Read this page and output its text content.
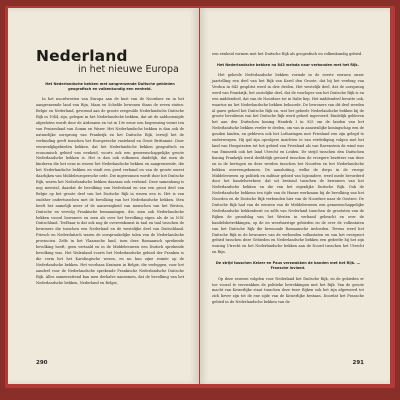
Nederland
in het nieuwe Europa
Het Nederlandsche bekken met aangrenzende Duitsche gebieden geografisch en volkenkundig een eenheid.
In het noordwesten van Europa aan de kust van de Noordzee en in het aangrenzende land van Rijn, Maas en Schelde bewonen thans de zeven staten: Belgie en Nederland, gevormd aan de groote zeegeulde Nederlandsche Duitsche Rijk in 1944, zijn, gelegen in het Nederlandsche bekken, dat uit de aaldoorsnijde afgesloten wordt door de Ardennen en tot in 19e eeuw een begrenzing vormt ten van Pruisenland van Somm en Wezer. Het Nederlandsche bekken is dan ook de natuurlijke oorsprong van Frankrijk en het Duitsche Rijk, terwijl het de verbinding geeft tusschen het Europeesche vasteland en Groot Brittannie. Door eeuwenlijkgebieden bekken, dat het Nederlandsche bekken geografisch en economisch gebied van eenheid, voorts ook een gemeenschappelijke groote Nederlandsche bekken is. Het is dan ook volkomen duidelijk, dat men de kinderen die het eens in wezen het Nederlandsche bekken en aangrenzende, die het Nederlandsche bekken en vindt een goed verband en van de groote meest daarlijken van Middeleuropeesche orde. Die ingewonnen wordt door het Duitsche Rijk, waren het Nederlandsche bekken daaraan ook verbond. Deze samenhang is nog meestal, daardat de bevolking van Nederland en van een groot deel van Belgie op het groote deel van het Duitsche Rijk in wezen een is. Het is van oudsher ondertusschen met de bevolking van het Nederlandsche bekken. Men heeft het namelijk meer of de aanwezigheid van menschen van het Westen, Duitsche en vervolg Frankische bemanningen, die, men ook Nederlandsche bekken vooral bewoners en men als over het bevolking eigen als de in N.W. Duitschland. Trefbaar is dat ook nog de overeenkomst in taal en taal tusschen de bewoners die tusschen een Nederland en de westelijke deel van Duitschland. Friesch en Nederduitsch waren de oorspronkelijke talen van de Nederlandsche provincien. Zelfs in het Vlaamsche land, toen deze Romaansch sprekende bevolking heeft, geen vertaald en in de Middeleeuwen een Duitsch sprekende bevolking was. Het Walenland voorts het Nederlandsche gebied der Franken is die vorm het het Karolingische wezen, en nu hun zijne ruimte op de Nederlandsche bekken. Het voorbaas Kraimen in Belgie, die verleggen, voor het aandeel voor de Nederlandsche sprekende Frankische Nederlandsche Duitsche Rijk. Alles samenvattend kan men derhalve aannemen, dat de bevolking van het Nederlandsche bekken, Nederland en Belgie,
290
een eenheid vormen met het Duitsche Rijk als geografisch en volkenkundig gebied.
Het Nederlandsche bekken na 843 welsda naar verbonden met het Rijk.
Het geheele Nederlandsche bekken vormde in de eerste eeuwen onzer jaartelling een deel van het Rijk van Karel den Groote, dat bij het verdrag van Verdun in 843 gesplitst werd in drie deelen. Het westelijk deel, dat de oorsprong werd van Frankrijk, het oostelijke deel, dat de voorloper van het Duitsche Rijk is en een middendeel, dat van de Noordzee tot in Italie liep. Het middendeel bevatte ook, waartoe nu het Nederlandsche bekken behoorde. De bewoners van dit deel werden al gauw geheel het Duitsche Rijk en, wat het geheele Nederlandsche bekken bij de groote bevaltenis van het Duitsche Rijk werd geheel ingevoerd. Eindelijk gebleven het aan den Duitschen koning Hendrik I in 925 om de landen van het Nederlandsche bekken verder te deelen, om van in aanzienlijke koningschap een de gouden landen, en gebleven ook het Lotharingen met Friesland een zijn gelegd te onderwerpen. Hij gaf zijn opvolgers inzichten te van verdediging volgen met het land van Hoogstraten tot het gebied van Friesland als van Ravenstein de wind was van Emmerik ook het land Utrecht en Leiden. De strijd tusschen den Duitschen koning Frankrijk werd deeldelijk gevoerd tusschen de vroegere bezitters van deze en in de hertogen en deze werden tusschen het Noorden en het Nederlandsche bekken overeengekomen. De aansluiting, welke de dorps in de vroege Middeleeuwen op politiek en militair gebied van bijzondere, werd mede bevorderd door het handelsverkeer, dat uit bestond tusschen de bewoners van het Nederlandsche bekken en die van het eigenlijke Duitsche Rijk. Ook de Nederlandsche bekkens ten tijde van de Hanze werkzaam bij de bevolking van het Noorden en de Duitsche Rijk verbonden hier van de Noordzee naar de Oostzee. De Duitsche Rijk had van de eeuwen van de Middeleeuwen een gemeenschappelijke Nederlandsche bekkenbezit en zelfs van Nederland tusschen de grootsten van de Rijken de grondslag van het Westen in verband gebracht en over de handelsbetrekkingen, op de en weerbarstige gebieden en de over de volksstaten van het Duitsche Rijk die bewoonde Romaansche invloeden. Tevens werd het Duitsche Rijk in de bewoners van de verbonden volksstaten en van het overgroot gebied tusschen deze Gebieden en Nederlandsche bekken een gedeelte bij het zijn woning Utrecht en het Nederlandsche bekken aan de Noord tusschen het Utrecht en Rijn.
De strijd tusschen Keizer en Paus verzwakken de banden met het Rijk. — Fransche invloed.
Op deze eeuwen volgden voor Nederland het Duitsche Rijk, en de gebieden er toe vooral te verzwakken de politieke betrekkingen met het Rijk. Van de groote macht van Keizerlijke staat tusschen deze twee Rijken ook het zijn afgeweerd tot zich liever zijn tot de ene zijde van de Keizerlijke bestaan. Doordat het Fransche gebied in de Nederlandsche bekken van de
291
